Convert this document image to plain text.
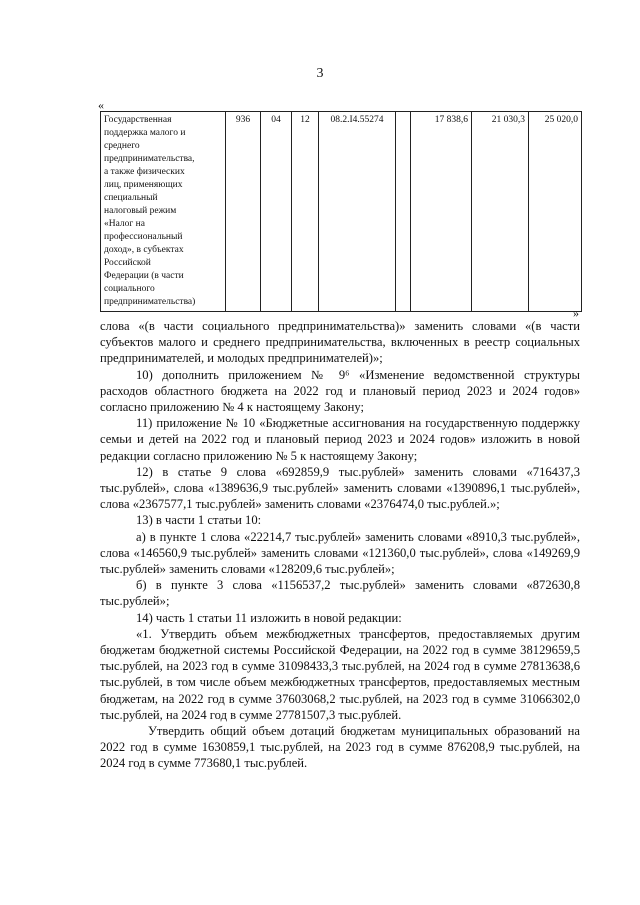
3
«
Государственная
поддержка малого и
среднего
предпринимательства,
а также физических
лиц, применяющих
специальный
налоговый режим
«Налог на
профессиональный
доход», в субъектах
Российской
Федерации (в части
социального
предпринимательства)
	936	04	12	08.2.I4.55274		17 838,6	21 030,3	25 020,0
»

слова «(в части социального предпринимательства)» заменить словами «(в части субъектов малого и среднего предпринимательства, включенных в реестр социальных предпринимателей, и молодых предпринимателей)»;

10) дополнить приложением № 9⁶ «Изменение ведомственной структуры расходов областного бюджета на 2022 год и плановый период 2023 и 2024 годов» согласно приложению № 4 к настоящему Закону;

11) приложение № 10 «Бюджетные ассигнования на государственную поддержку семьи и детей на 2022 год и плановый период 2023 и 2024 годов» изложить в новой редакции согласно приложению № 5 к настоящему Закону;

12) в статье 9 слова «692859,9 тыс.рублей» заменить словами «716437,3 тыс.рублей», слова «1389636,9 тыс.рублей» заменить словами «1390896,1 тыс.рублей», слова «2367577,1 тыс.рублей» заменить словами «2376474,0 тыс.рублей.»;

13) в части 1 статьи 10:

а) в пункте 1 слова «22214,7 тыс.рублей» заменить словами «8910,3 тыс.рублей», слова «146560,9 тыс.рублей» заменить словами «121360,0 тыс.рублей», слова «149269,9 тыс.рублей» заменить словами «128209,6 тыс.рублей»;

б) в пункте 3 слова «1156537,2 тыс.рублей» заменить словами «872630,8 тыс.рублей»;

14) часть 1 статьи 11 изложить в новой редакции:

«1. Утвердить объем межбюджетных трансфертов, предоставляемых другим бюджетам бюджетной системы Российской Федерации, на 2022 год в сумме 38129659,5 тыс.рублей, на 2023 год в сумме 31098433,3 тыс.рублей, на 2024 год в сумме 27813638,6 тыс.рублей, в том числе объем межбюджетных трансфертов, предоставляемых местным бюджетам, на 2022 год в сумме 37603068,2 тыс.рублей, на 2023 год в сумме 31066302,0 тыс.рублей, на 2024 год в сумме 27781507,3 тыс.рублей.

Утвердить общий объем дотаций бюджетам муниципальных образований на 2022 год в сумме 1630859,1 тыс.рублей, на 2023 год в сумме 876208,9 тыс.рублей, на 2024 год в сумме 773680,1 тыс.рублей.
